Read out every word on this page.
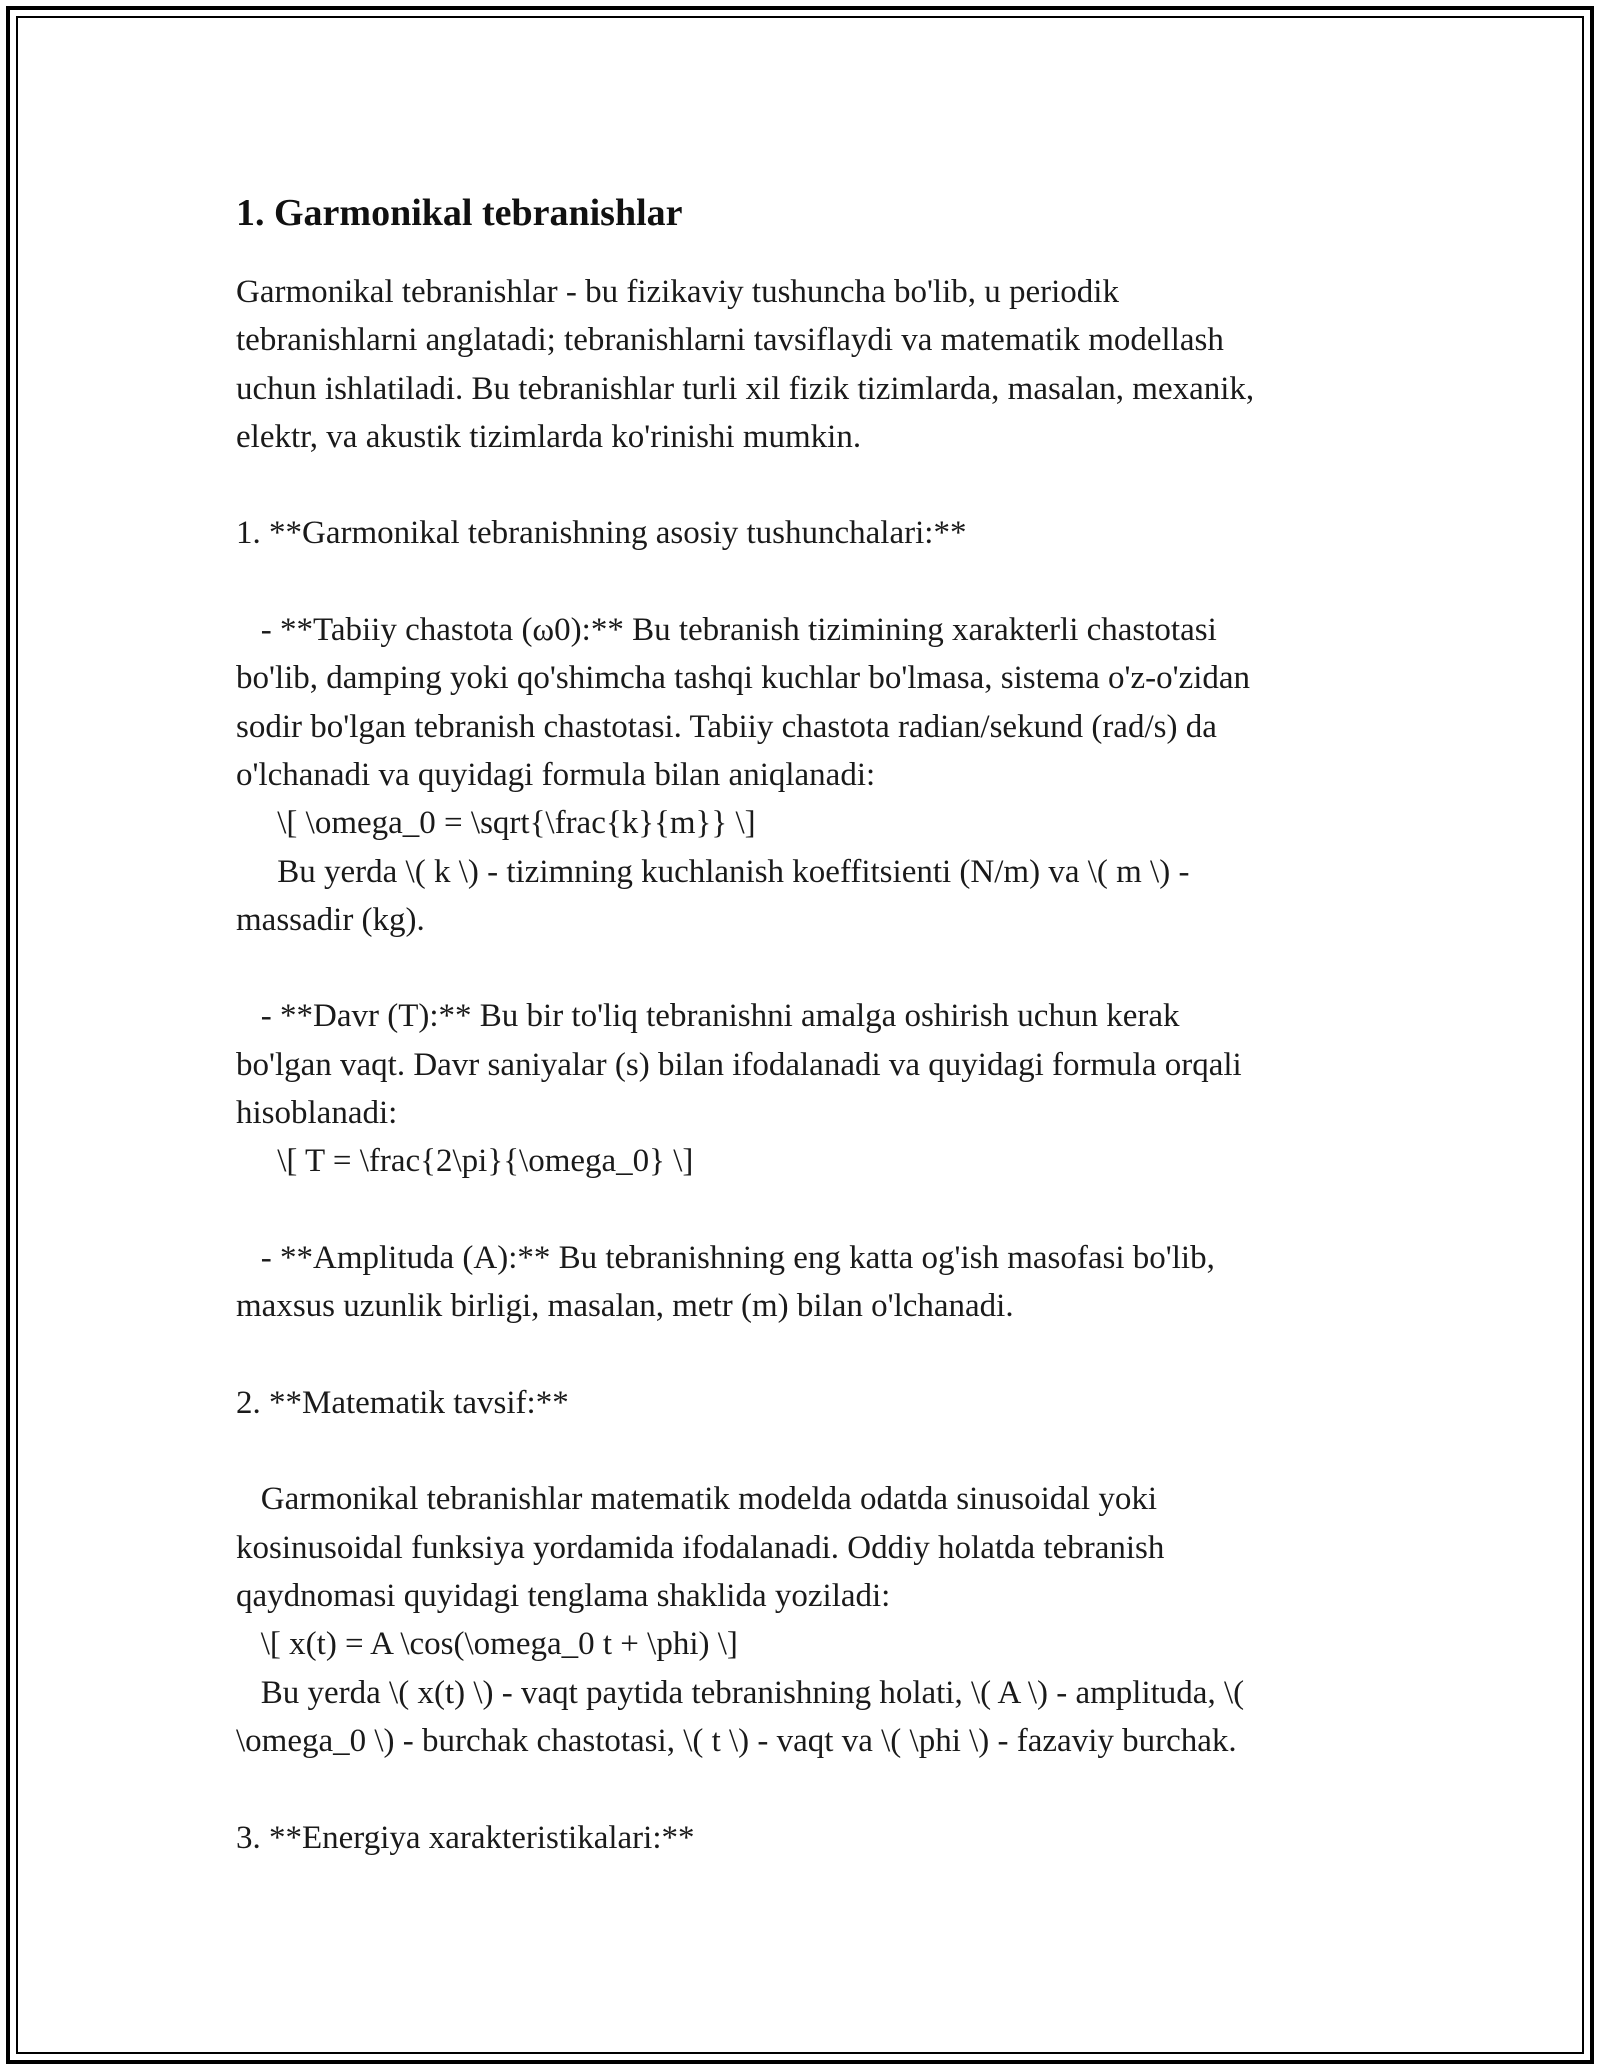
1. Garmonikal tebranishlar

Garmonikal tebranishlar - bu fizikaviy tushuncha bo'lib, u periodik

tebranishlarni anglatadi; tebranishlarni tavsiflaydi va matematik modellash

uchun ishlatiladi. Bu tebranishlar turli xil fizik tizimlarda, masalan, mexanik,

elektr, va akustik tizimlarda ko'rinishi mumkin.

1. **Garmonikal tebranishning asosiy tushunchalari:**

- **Tabiiy chastota (ω0):** Bu tebranish tizimining xarakterli chastotasi

bo'lib, damping yoki qo'shimcha tashqi kuchlar bo'lmasa, sistema o'z-o'zidan

sodir bo'lgan tebranish chastotasi. Tabiiy chastota radian/sekund (rad/s) da

o'lchanadi va quyidagi formula bilan aniqlanadi:

\[ \omega_0 = \sqrt{\frac{k}{m}} \]

Bu yerda \( k \) - tizimning kuchlanish koeffitsienti (N/m) va \( m \) -

massadir (kg).

- **Davr (T):** Bu bir to'liq tebranishni amalga oshirish uchun kerak

bo'lgan vaqt. Davr saniyalar (s) bilan ifodalanadi va quyidagi formula orqali

hisoblanadi:

\[ T = \frac{2\pi}{\omega_0} \]

- **Amplituda (A):** Bu tebranishning eng katta og'ish masofasi bo'lib,

maxsus uzunlik birligi, masalan, metr (m) bilan o'lchanadi.

2. **Matematik tavsif:**

Garmonikal tebranishlar matematik modelda odatda sinusoidal yoki

kosinusoidal funksiya yordamida ifodalanadi. Oddiy holatda tebranish

qaydnomasi quyidagi tenglama shaklida yoziladi:

\[ x(t) = A \cos(\omega_0 t + \phi) \]

Bu yerda \( x(t) \) - vaqt paytida tebranishning holati, \( A \) - amplituda, \(

\omega_0 \) - burchak chastotasi, \( t \) - vaqt va \( \phi \) - fazaviy burchak.

3. **Energiya xarakteristikalari:**
